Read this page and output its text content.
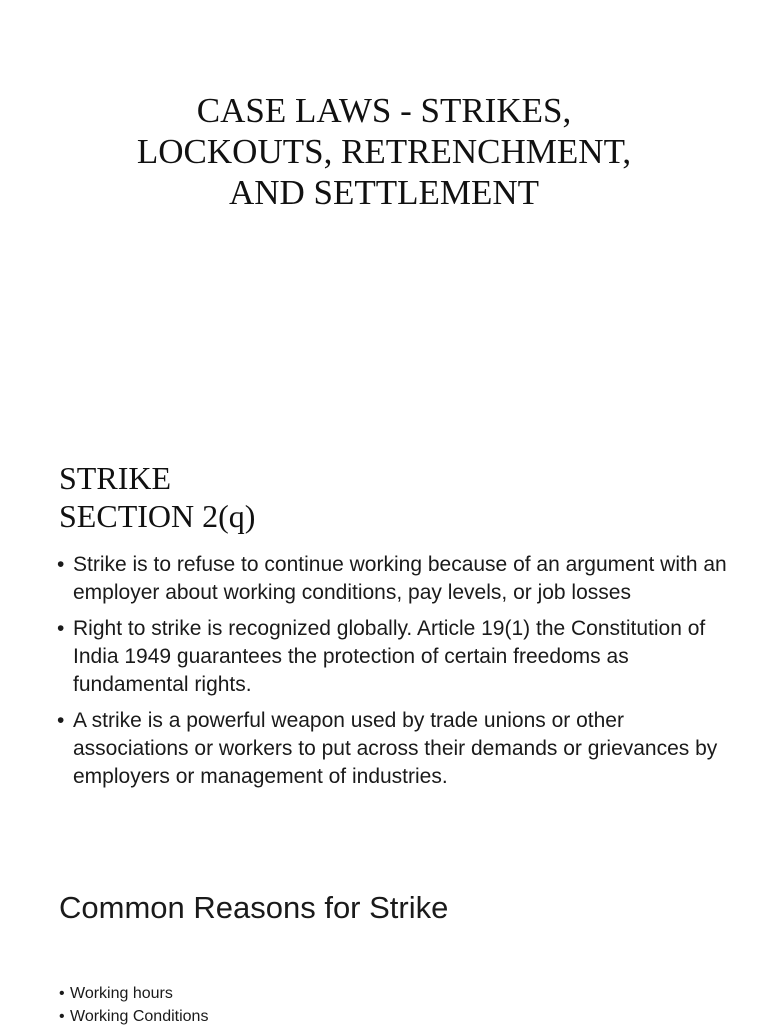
CASE LAWS - STRIKES,
LOCKOUTS, RETRENCHMENT,
AND SETTLEMENT
STRIKE
SECTION 2(q)
• Strike is to refuse to continue working because of an argument with an employer about working conditions, pay levels, or job losses
• Right to strike is recognized globally. Article 19(1) the Constitution of India 1949 guarantees the protection of certain freedoms as fundamental rights.
• A strike is a powerful weapon used by trade unions or other associations or workers to put across their demands or grievances by employers or management of industries.
Common Reasons for Strike
• Working hours
• Working Conditions
